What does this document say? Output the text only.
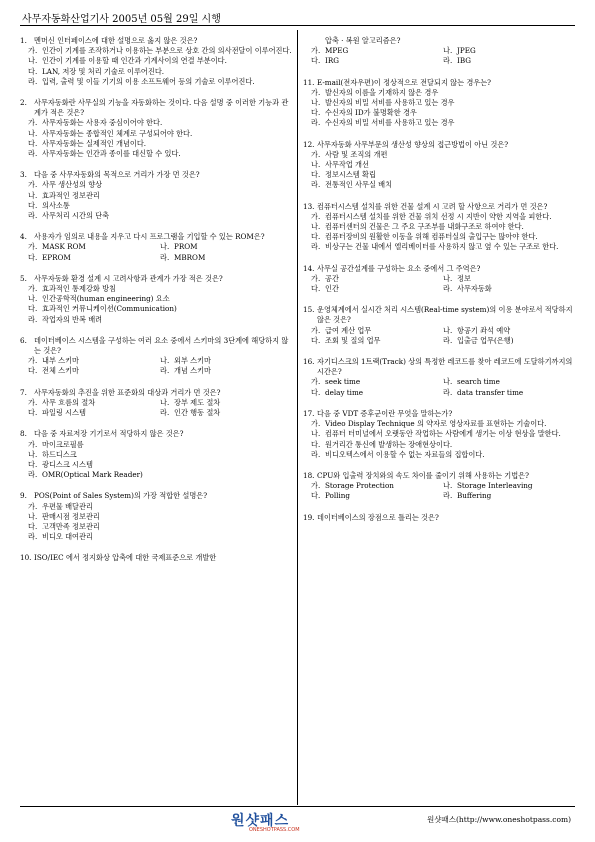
사무자동화산업기사 2005년 05월 29일 시행
1. 멘머신 인터페이스에 대한 설명으로 옳지 않은 것은?
가. 인간이 기계를 조작하거나 이용하는 부분으로 상호 간의 의사전달이 이루어진다.
나. 인간이 기계를 이용할 때 인간과 기계사이의 연결 부분이다.
다. LAN, 저장 및 처리 기술로 이루어진다.
라. 입력, 출력 및 이들 기기의 이용 소프트웨어 등의 기술로 이루어진다.
2. 사무자동화란 사무실의 기능을 자동화하는 것이다. 다음 설명 중 이러한 기능과 관계가 적은 것은?
가. 사무자동화는 사용자 중심이어야 한다.
나. 사무자동화는 종합적인 체계로 구성되어야 한다.
다. 사무자동화는 실제적인 개념이다.
라. 사무자동화는 인간과 종이를 대신할 수 있다.
3. 다음 중 사무자동화의 목적으로 거리가 가장 먼 것은?
가. 사무 생산성의 향상
나. 효과적인 정보관리
다. 의사소통
라. 사무처리 시간의 단축
4. 사용자가 임의로 내용을 지우고 다시 프로그램을 기입할 수 있는 ROM은?
가. MASK ROM	나. PROM
다. EPROM	라. MBROM
5. 사무자동화 환경 설계 시 고려사항과 관계가 가장 적은 것은?
가. 효과적인 통제강화 방침
나. 인간공학적(human engineering) 요소
다. 효과적인 커뮤니케이션(Communication)
라. 작업자의 반복 배려
6. 데이터베이스 시스템을 구성하는 여러 요소 중에서 스키마의 3단계에 해당하지 않는 것은?
가. 내부 스키마	나. 외부 스키마
다. 전체 스키마	라. 개념 스키마
7. 사무자동화의 추진을 위한 표준화의 대상과 거리가 먼 것은?
가. 사무 흐름의 절차	나. 장부 제도 절차
다. 파일링 시스템	라. 인간 행동 절차
8. 다음 중 자료저장 기기로서 적당하지 않은 것은?
가. 마이크로필름
나. 하드디스크
다. 광디스크 시스템
라. OMR(Optical Mark Reader)
9. POS(Point of Sales System)의 가장 적합한 설명은?
가. 우편물 배달관리
나. 판매시점 정보관리
다. 고객만족 정보관리
라. 비디오 대여관리
10. ISO/IEC 에서 정지화상 압축에 대한 국제표준으로 개발한
압축 · 복원 알고리즘은?
가. MPEG	나. JPEG
다. IRG	라. IBG
11. E-mail(전자우편)이 정상적으로 전달되지 않는 경우는?
가. 발신자의 이름을 기재하지 않은 경우
나. 발신자의 비밀 서비를 사용하고 있는 경우
다. 수신자의 ID가 불명확한 경우
라. 수신자의 비밀 서비를 사용하고 있는 경우
12. 사무자동화 사무부문의 생산성 향상의 접근방법이 아닌 것은?
가. 사람 및 조직의 개편
나. 사무작업 개선
다. 정보시스템 확립
라. 전통적인 사무실 배치
13. 컴퓨터시스템 설치를 위한 건물 설계 시 고려 할 사항으로 거리가 먼 것은?
가. 컴퓨터시스템 설치를 위한 건물 위치 선정 시 지반이 약한 지역을 피한다.
나. 컴퓨터센터의 건물은 그 주요 구조부를 내화구조로 하여야 한다.
다. 컴퓨터장비의 원활한 이동을 위해 컴퓨터실의 출입구는 많아야 한다.
라. 비상구는 건물 내에서 엘리베이터를 사용하지 않고 옆 수 있는 구조로 한다.
14. 사무실 공간설계를 구성하는 요소 중에서 그 주역은?
가. 공간	나. 정보
다. 인간	라. 사무자동화
15. 운영체계에서 실시간 처리 시스템(Real-time system)의 이용 분야로서 적당하지 않은 것은?
가. 급여 계산 업무	나. 항공기 좌석 예약
다. 조회 및 질의 업무	라. 입출금 업무(은행)
16. 자기디스크의 1트랙(Track) 상의 특정한 레코드를 찾아 레코드에 도달하기까지의 시간은?
가. seek time	나. search time
다. delay time	라. data transfer time
17. 다음 중 VDT 증후군이란 무엇을 말하는가?
가. Video Display Technique 의 약자로 영상자료를 표현하는 기술이다.
나. 컴퓨터 터미널에서 오랫동안 작업하는 사람에게 생기는 이상 현상을 말한다.
다. 원거리간 통신에 발생하는 장애현상이다.
라. 비디오텍스에서 이용할 수 없는 자료들의 집합이다.
18. CPU와 입출력 장치와의 속도 차이를 줄이기 위해 사용하는 기법은?
가. Storage Protection	나. Storage Interleaving
다. Polling	라. Buffering
19. 데이터베이스의 장점으로 틀리는 것은?
원샷패스
ONESHOTPASS.COM
원샷패스(http://www.oneshotpass.com)
